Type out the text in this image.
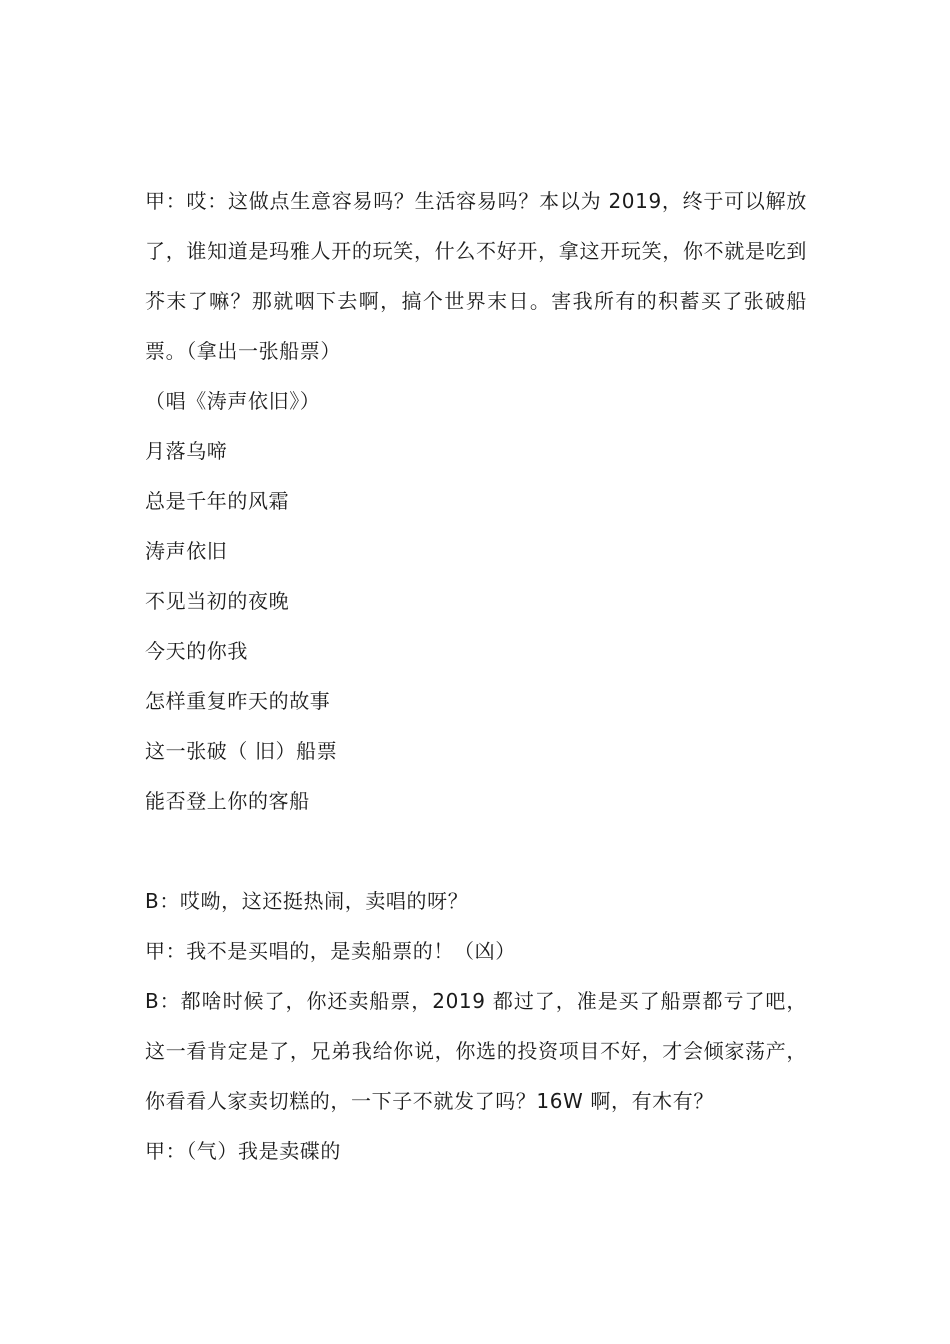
甲：哎：这做点生意容易吗？生活容易吗？本以为 2019，终于可以解放了，谁知道是玛雅人开的玩笑，什么不好开，拿这开玩笑，你不就是吃到芥末了嘛？那就咽下去啊，搞个世界末日。害我所有的积蓄买了张破船票。（拿出一张船票）

（唱《涛声依旧》）

月落乌啼

总是千年的风霜

涛声依旧

不见当初的夜晚

今天的你我

怎样重复昨天的故事

这一张破（ 旧）船票

能否登上你的客船

B：哎呦，这还挺热闹，卖唱的呀？

甲：我不是买唱的，是卖船票的！（凶）

B：都啥时候了，你还卖船票，2019 都过了，准是买了船票都亏了吧，这一看肯定是了，兄弟我给你说，你选的投资项目不好，才会倾家荡产，你看看人家卖切糕的，一下子不就发了吗？16W 啊，有木有？

甲：（气）我是卖碟的
